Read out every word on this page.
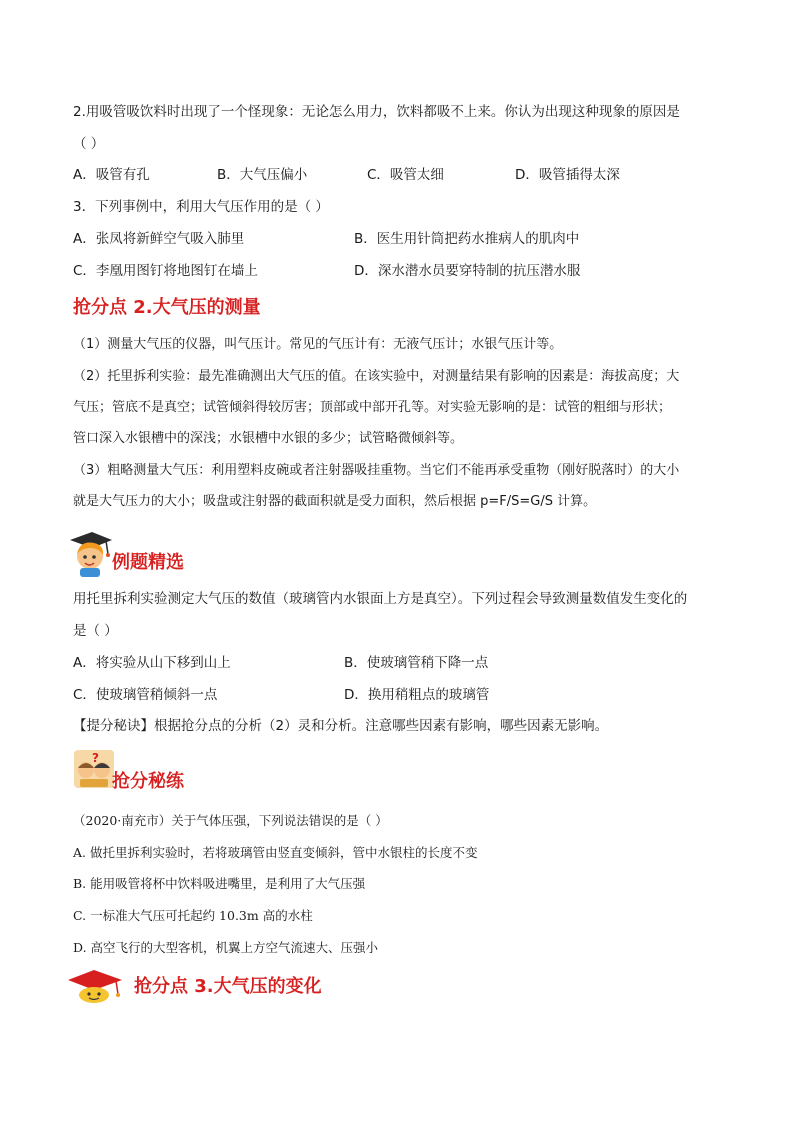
2.用吸管吸饮料时出现了一个怪现象：无论怎么用力，饮料都吸不上来。你认为出现这种现象的原因是
（ ）
A．吸管有孔	B．大气压偏小	C．吸管太细	D．吸管插得太深
3．下列事例中，利用大气压作用的是（ ）
A．张凤将新鲜空气吸入肺里	B．医生用针筒把药水推病人的肌肉中
C．李凰用图钉将地图钉在墙上	D．深水潜水员要穿特制的抗压潜水服
抢分点 2.大气压的测量
（1）测量大气压的仪器，叫气压计。常见的气压计有：无液气压计；水银气压计等。
（2）托里拆利实验：最先准确测出大气压的值。在该实验中，对测量结果有影响的因素是：海拔高度；大
气压；管底不是真空；试管倾斜得较厉害；顶部或中部开孔等。对实验无影响的是：试管的粗细与形状；
管口深入水银槽中的深浅；水银槽中水银的多少；试管略微倾斜等。
（3）粗略测量大气压：利用塑料皮碗或者注射器吸挂重物。当它们不能再承受重物（刚好脱落时）的大小
就是大气压力的大小；吸盘或注射器的截面积就是受力面积，然后根据 p=F/S=G/S 计算。
例题精选
用托里拆利实验测定大气压的数值（玻璃管内水银面上方是真空）。下列过程会导致测量数值发生变化的
是（ ）
A．将实验从山下移到山上	B．使玻璃管稍下降一点
C．使玻璃管稍倾斜一点	D．换用稍粗点的玻璃管
【提分秘诀】根据抢分点的分析（2）灵和分析。注意哪些因素有影响，哪些因素无影响。
?
抢分秘练
（2020·南充市）关于气体压强，下列说法错误的是（ ）
A. 做托里拆利实验时，若将玻璃管由竖直变倾斜，管中水银柱的长度不变
B. 能用吸管将杯中饮料吸进嘴里，是利用了大气压强
C. 一标准大气压可托起约 10.3m 高的水柱
D. 高空飞行的大型客机，机翼上方空气流速大、压强小
抢分点 3.大气压的变化
